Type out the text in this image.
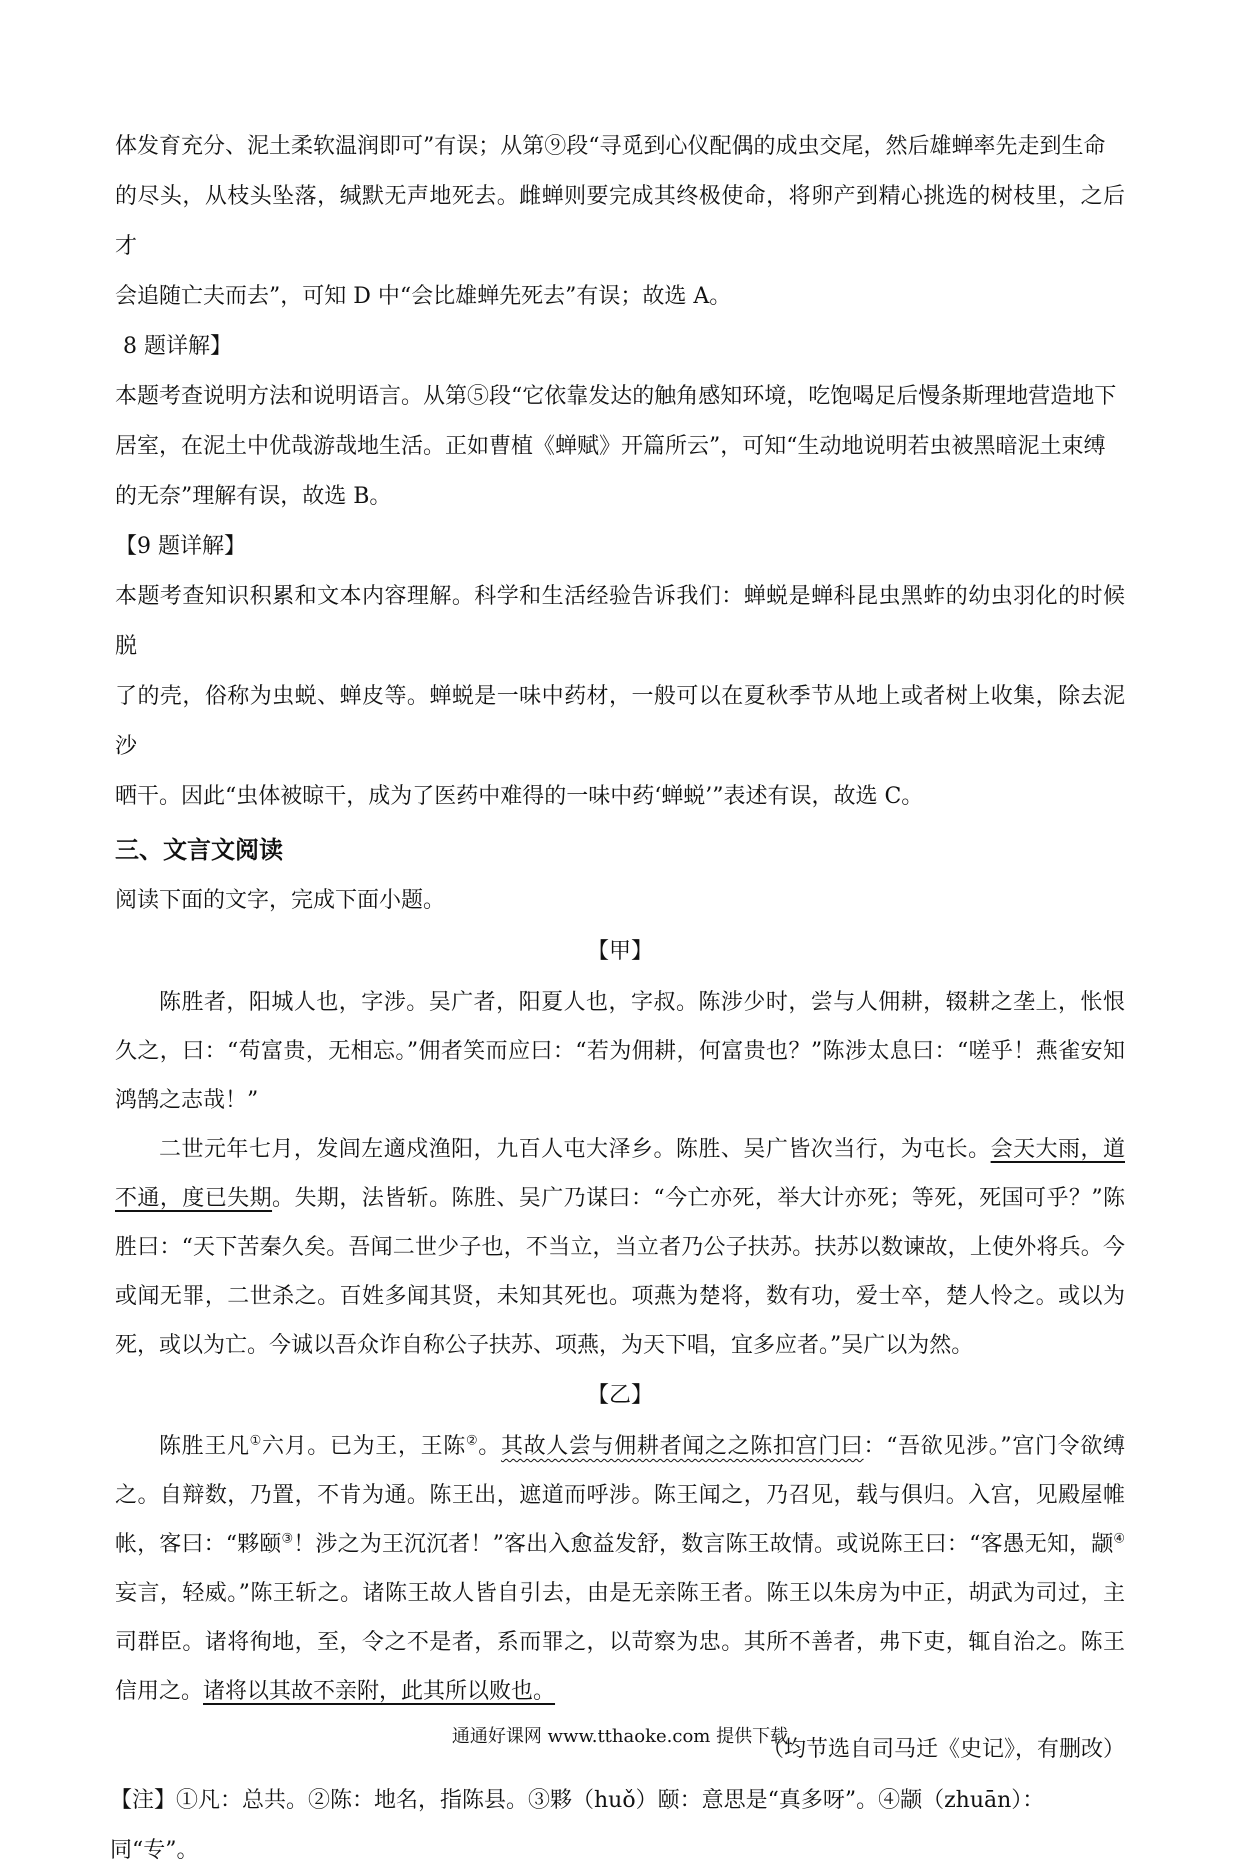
体发育充分、泥土柔软温润即可”有误；从第⑨段“寻觅到心仪配偶的成虫交尾，然后雄蝉率先走到生命
的尽头，从枝头坠落，缄默无声地死去。雌蝉则要完成其终极使命，将卵产到精心挑选的树枝里，之后才
会追随亡夫而去”，可知 D 中“会比雄蝉先死去”有误；故选 A。

8 题详解】

本题考查说明方法和说明语言。从第⑤段“它依靠发达的触角感知环境，吃饱喝足后慢条斯理地营造地下
居室，在泥土中优哉游哉地生活。正如曹植《蝉赋》开篇所云”，可知“生动地说明若虫被黑暗泥土束缚
的无奈”理解有误，故选 B。

【9 题详解】

本题考查知识积累和文本内容理解。科学和生活经验告诉我们：蝉蜕是蝉科昆虫黑蚱的幼虫羽化的时候脱
了的壳，俗称为虫蜕、蝉皮等。蝉蜕是一味中药材，一般可以在夏秋季节从地上或者树上收集，除去泥沙
晒干。因此“虫体被晾干，成为了医药中难得的一味中药‘蝉蜕’”表述有误，故选 C。

三、文言文阅读

阅读下面的文字，完成下面小题。

【甲】

陈胜者，阳城人也，字涉。吴广者，阳夏人也，字叔。陈涉少时，尝与人佣耕，辍耕之垄上，怅恨久之，曰：“苟富贵，无相忘。”佣者笑而应曰：“若为佣耕，何富贵也？”陈涉太息曰：“嗟乎！燕雀安知鸿鹄之志哉！”

二世元年七月，发闾左適戍渔阳，九百人屯大泽乡。陈胜、吴广皆次当行，为屯长。会天大雨，道不通，度已失期。失期，法皆斩。陈胜、吴广乃谋曰：“今亡亦死，举大计亦死；等死，死国可乎？”陈胜曰：“天下苦秦久矣。吾闻二世少子也，不当立，当立者乃公子扶苏。扶苏以数谏故，上使外将兵。今或闻无罪，二世杀之。百姓多闻其贤，未知其死也。项燕为楚将，数有功，爱士卒，楚人怜之。或以为死，或以为亡。今诚以吾众诈自称公子扶苏、项燕，为天下唱，宜多应者。”吴广以为然。

【乙】

陈胜王凡①六月。已为王，王陈②。其故人尝与佣耕者闻之之陈扣宫门曰：“吾欲见涉。”宫门令欲缚之。自辩数，乃置，不肯为通。陈王出，遮道而呼涉。陈王闻之，乃召见，载与俱归。入宫，见殿屋帷帐，客曰：“夥颐③！涉之为王沉沉者！”客出入愈益发舒，数言陈王故情。或说陈王曰：“客愚无知，颛④妄言，轻威。”陈王斩之。诸陈王故人皆自引去，由是无亲陈王者。陈王以朱房为中正，胡武为司过，主司群臣。诸将徇地，至，令之不是者，系而罪之，以苛察为忠。其所不善者，弗下吏，辄自治之。陈王信用之。诸将以其故不亲附，此其所以败也。

（均节选自司马迁《史记》，有删改）

【注】①凡：总共。②陈：地名，指陈县。③夥（huǒ）颐：意思是“真多呀”。④颛（zhuān）：同“专”。

通通好课网 www.tthaoke.com 提供下载
